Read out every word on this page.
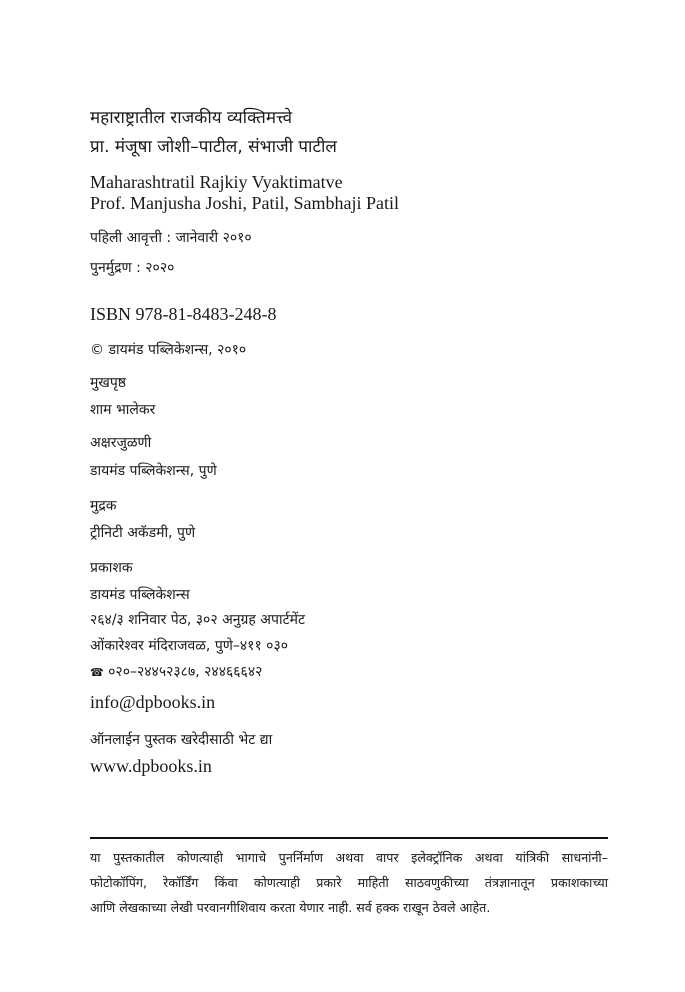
महाराष्ट्रातील राजकीय व्यक्तिमत्त्वे
प्रा. मंजूषा जोशी–पाटील, संभाजी पाटील
Maharashtratil Rajkiy Vyaktimatve
Prof. Manjusha Joshi, Patil, Sambhaji Patil
पहिली आवृत्ती : जानेवारी २०१०
पुनर्मुद्रण : २०२०
ISBN 978-81-8483-248-8
© डायमंड पब्लिकेशन्स, २०१०
मुखपृष्ठ
शाम भालेकर
अक्षरजुळणी
डायमंड पब्लिकेशन्स, पुणे
मुद्रक
ट्रीनिटी अकॅडमी, पुणे
प्रकाशक
डायमंड पब्लिकेशन्स
२६४/३ शनिवार पेठ, ३०२ अनुग्रह अपार्टमेंट
ओंकारेश्वर मंदिराजवळ, पुणे–४११ ०३०
☎ ०२०–२४४५२३८७, २४४६६६४२
info@dpbooks.in
ऑनलाईन पुस्तक खरेदीसाठी भेट द्या
www.dpbooks.in
या पुस्तकातील कोणत्याही भागाचे पुनर्निर्माण अथवा वापर इलेक्ट्रॉनिक अथवा यांत्रिकी साधनांनी–
फोटोकॉपिंग, रेकॉर्डिंग किंवा कोणत्याही प्रकारे माहिती साठवणुकीच्या तंत्रज्ञानातून प्रकाशकाच्या
आणि लेखकाच्या लेखी परवानगीशिवाय करता येणार नाही. सर्व हक्क राखून ठेवले आहेत.
